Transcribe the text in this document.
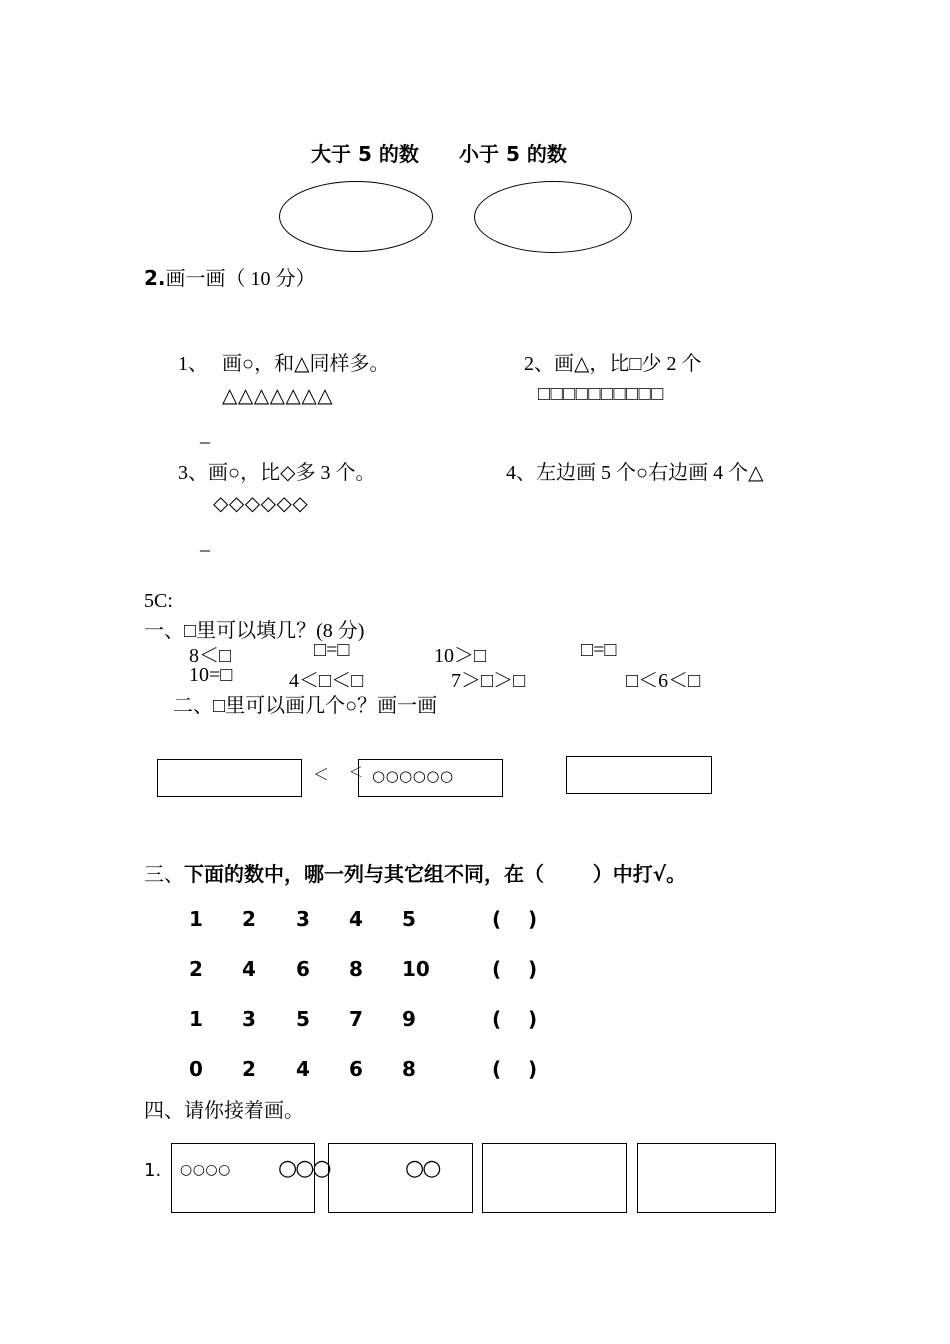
大于 5 的数 小于 5 的数
2.画一画（ 10 分）
1、 画○，和△同样多。	2、画△，比□少 2 个
△△△△△△△	□□□□□□□□□□
_
3、画○，比◇多 3 个。	4、左边画 5 个○右边画 4 个△
◇◇◇◇◇◇
_
5C:
一、□里可以填几？(8 分)
8＜□	□=□	10＞□	□=□
10=□	4＜□＜□	7＞□＞□	□＜6＜□
二、□里可以画几个○？画一画
＜ ＜ ○○○○○○
三、下面的数中，哪一列与其它组不同，在（       ）中打√。
1 2 3 4 5	( )
2 4 6 8 10	( )
1 3 5 7 9	( )
0 2 4 6 8	( )
四、请你接着画。
1. ○○○○ ○○○	○○
